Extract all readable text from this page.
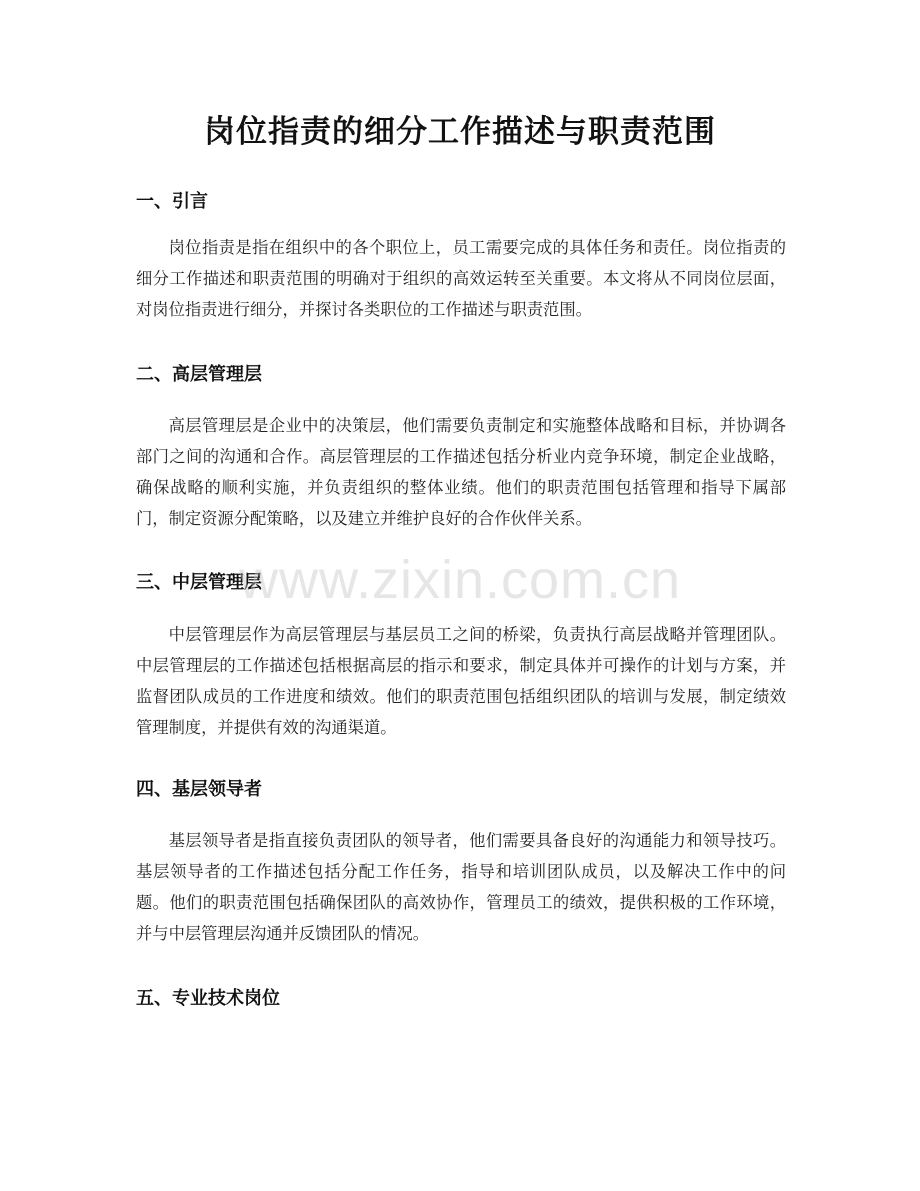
岗位指责的细分工作描述与职责范围
一、引言

岗位指责是指在组织中的各个职位上，员工需要完成的具体任务和责任。岗位指责的细分工作描述和职责范围的明确对于组织的高效运转至关重要。本文将从不同岗位层面，对岗位指责进行细分，并探讨各类职位的工作描述与职责范围。

二、高层管理层

高层管理层是企业中的决策层，他们需要负责制定和实施整体战略和目标，并协调各部门之间的沟通和合作。高层管理层的工作描述包括分析业内竞争环境，制定企业战略，确保战略的顺利实施，并负责组织的整体业绩。他们的职责范围包括管理和指导下属部门，制定资源分配策略，以及建立并维护良好的合作伙伴关系。

三、中层管理层

中层管理层作为高层管理层与基层员工之间的桥梁，负责执行高层战略并管理团队。中层管理层的工作描述包括根据高层的指示和要求，制定具体并可操作的计划与方案，并监督团队成员的工作进度和绩效。他们的职责范围包括组织团队的培训与发展，制定绩效管理制度，并提供有效的沟通渠道。

四、基层领导者

基层领导者是指直接负责团队的领导者，他们需要具备良好的沟通能力和领导技巧。基层领导者的工作描述包括分配工作任务，指导和培训团队成员，以及解决工作中的问题。他们的职责范围包括确保团队的高效协作，管理员工的绩效，提供积极的工作环境，并与中层管理层沟通并反馈团队的情况。

五、专业技术岗位
www.zixin.com.cn
